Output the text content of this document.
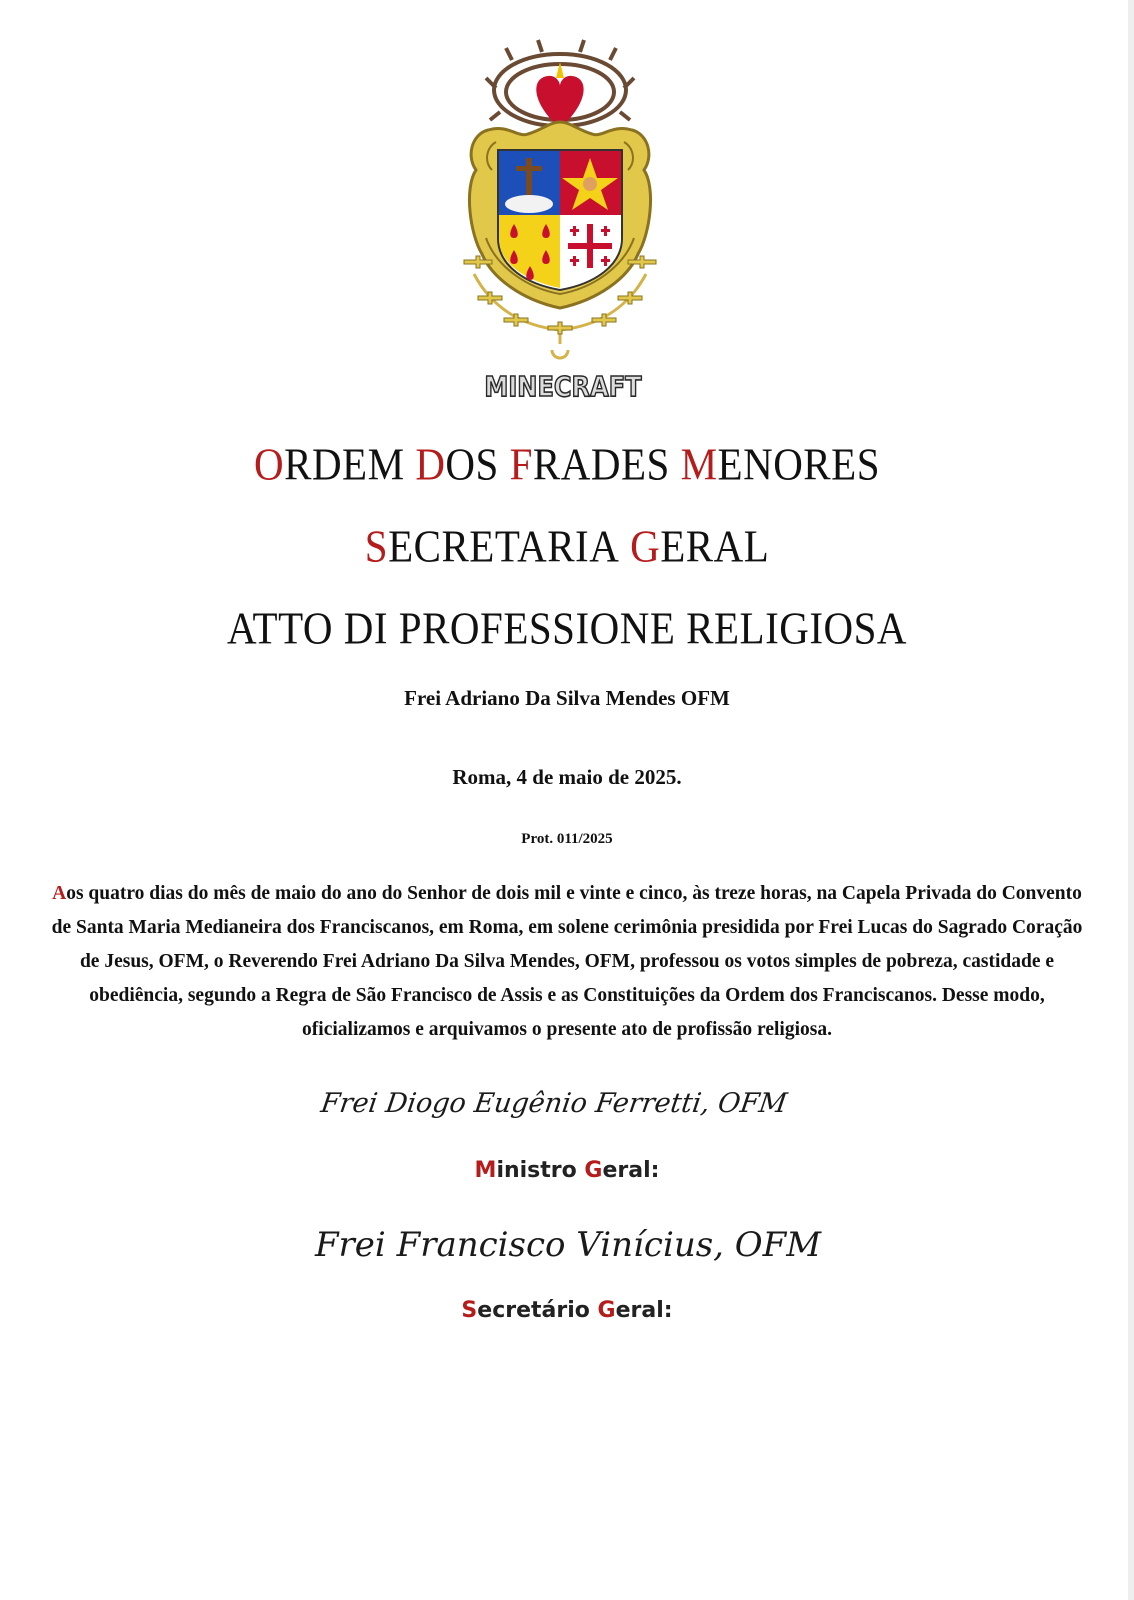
MINECRAFT
ORDEM DOS FRADES MENORES
SECRETARIA GERAL
ATTO DI PROFESSIONE RELIGIOSA
Frei Adriano Da Silva Mendes OFM
Roma, 4 de maio de 2025.
Prot. 011/2025
Aos quatro dias do mês de maio do ano do Senhor de dois mil e vinte e cinco, às treze horas, na Capela Privada do Convento de Santa Maria Medianeira dos Franciscanos, em Roma, em solene cerimônia presidida por Frei Lucas do Sagrado Coração de Jesus, OFM, o Reverendo Frei Adriano Da Silva Mendes, OFM, professou os votos simples de pobreza, castidade e obediência, segundo a Regra de São Francisco de Assis e as Constituições da Ordem dos Franciscanos. Desse modo, oficializamos e arquivamos o presente ato de profissão religiosa.
Frei Diogo Eugênio Ferretti, OFM
Ministro Geral:
Frei Francisco Vinícius, OFM
Secretário Geral:
